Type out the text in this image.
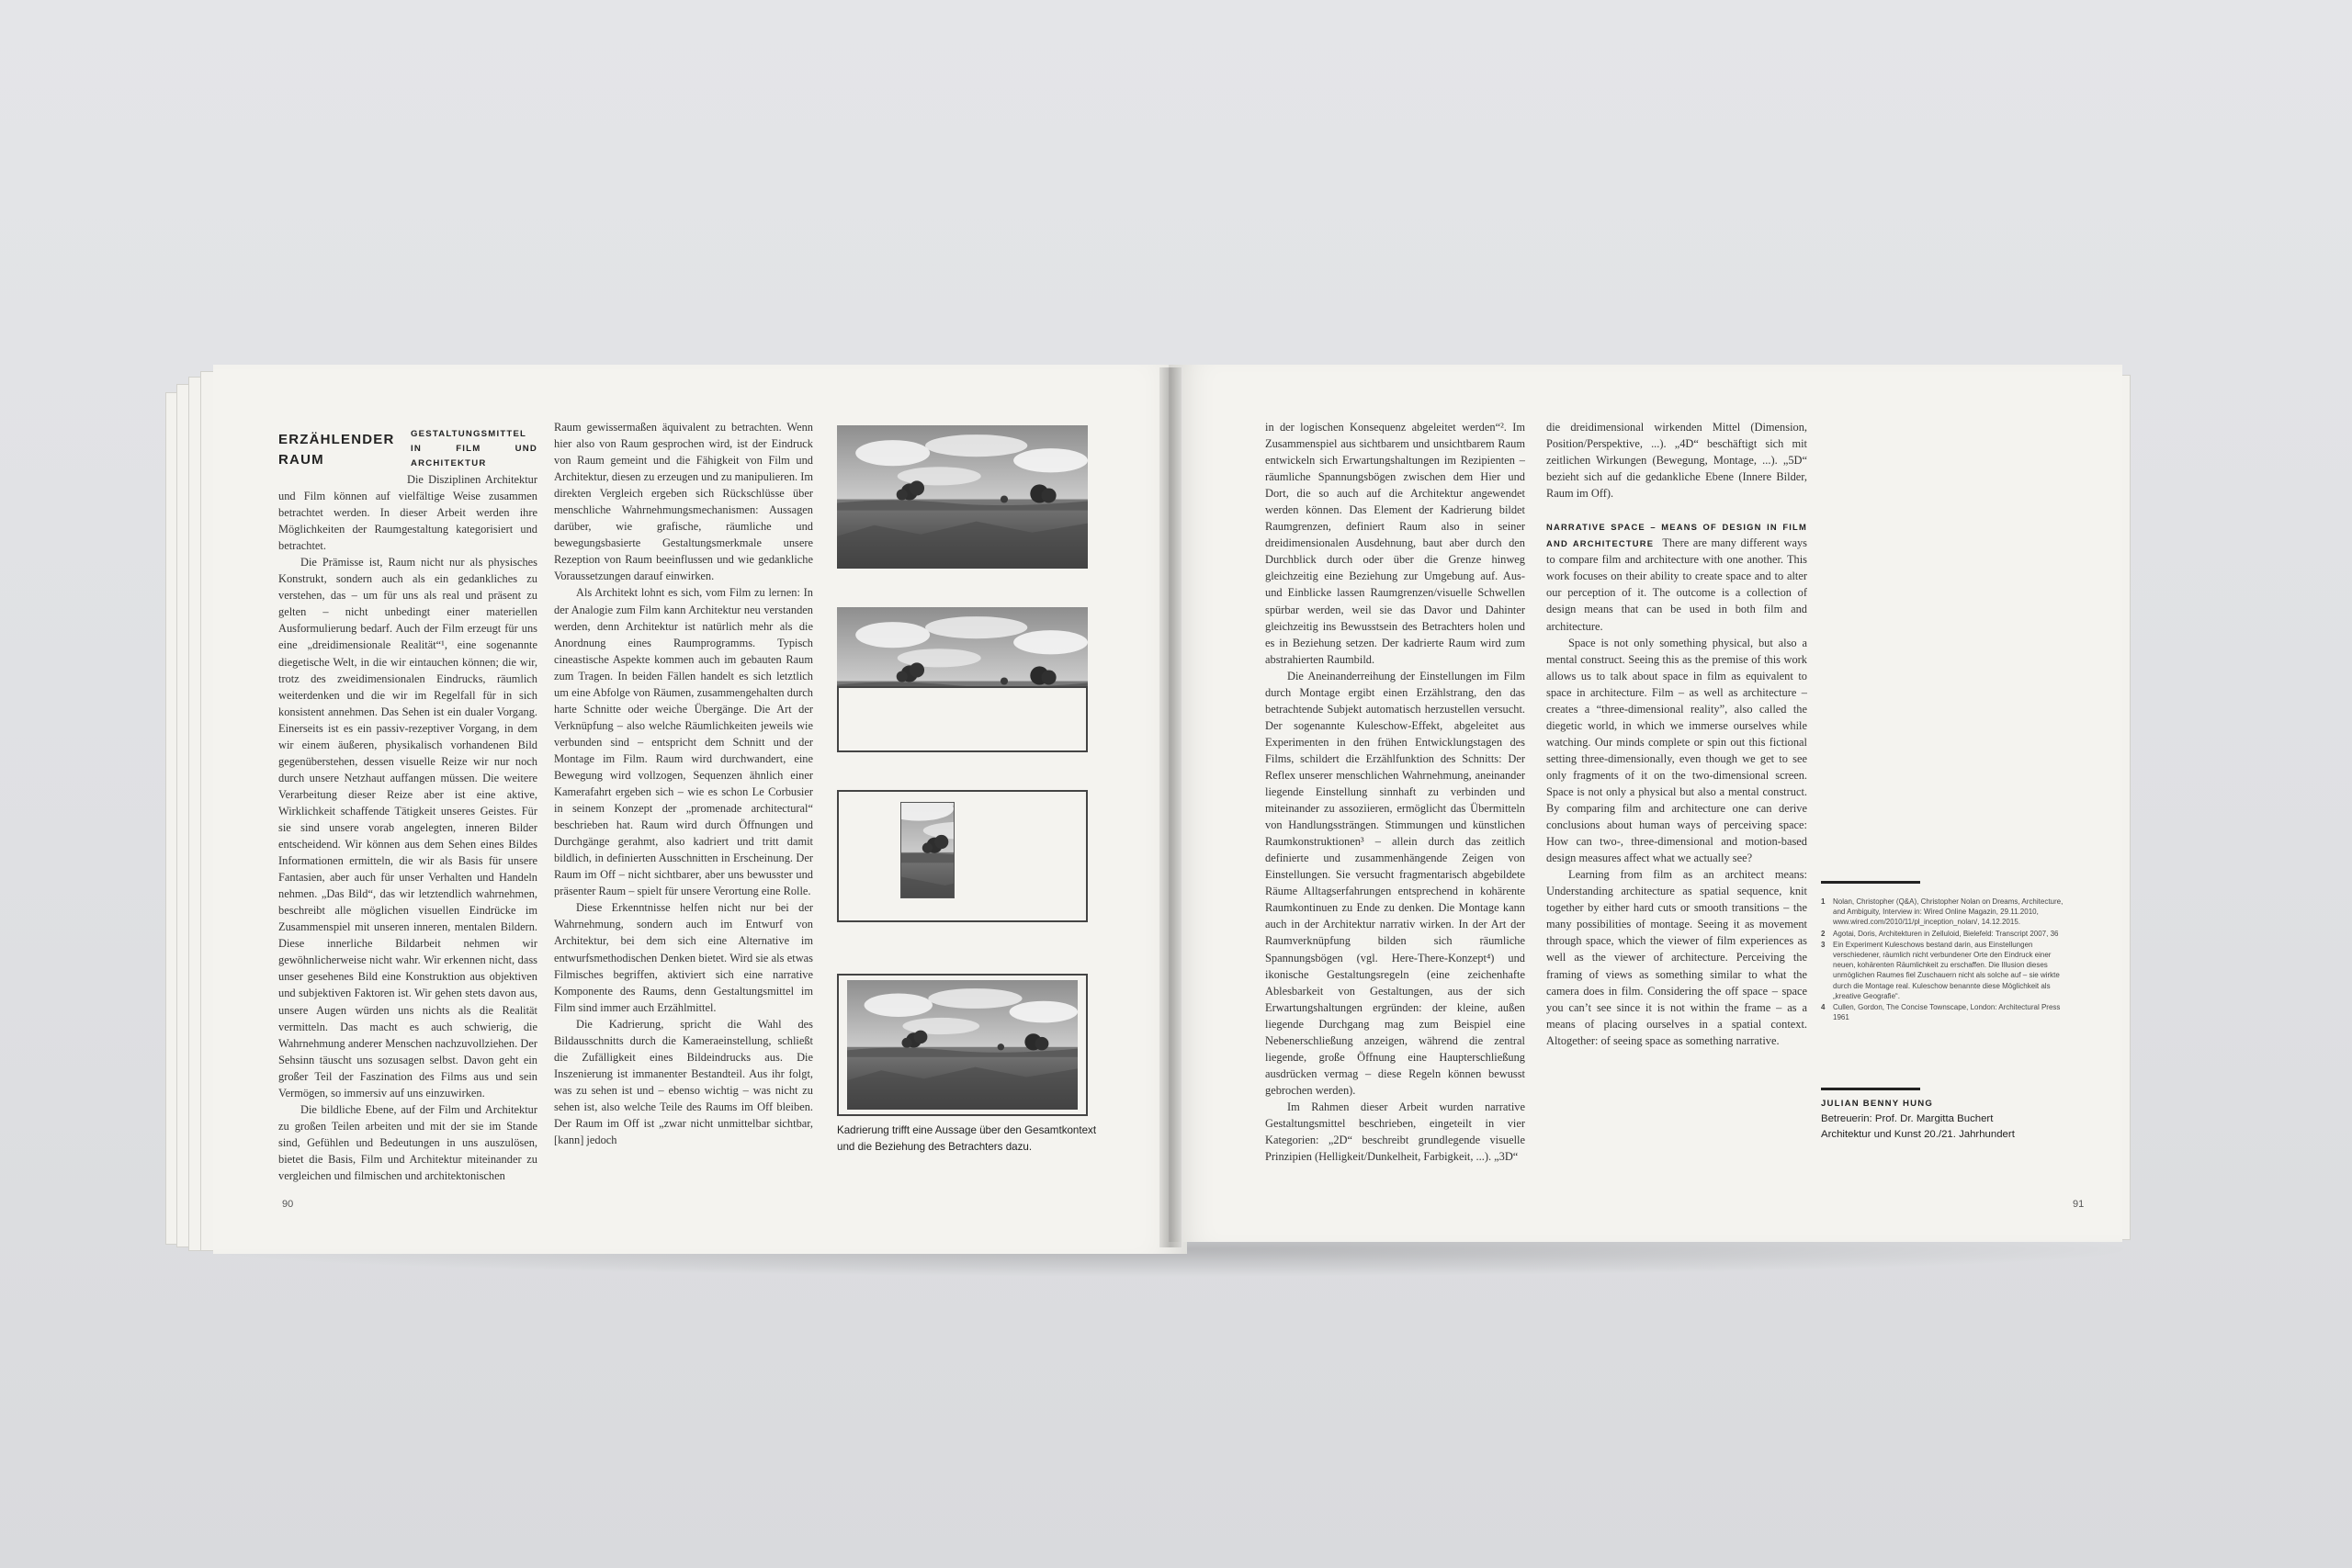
ERZÄHLENDER RAUM
GESTALTUNGSMITTEL IN FILM UND ARCHITEKTUR

Die Disziplinen Architektur und Film können auf vielfältige Weise zusammen betrachtet werden. In dieser Arbeit werden ihre Möglichkeiten der Raumgestaltung kategorisiert und betrachtet.

Die Prämisse ist, Raum nicht nur als physisches Konstrukt, sondern auch als ein gedankliches zu verstehen, das – um für uns als real und präsent zu gelten – nicht unbedingt einer materiellen Ausformulierung bedarf. Auch der Film erzeugt für uns eine „dreidimensionale Realität“¹, eine sogenannte diegetische Welt, in die wir eintauchen können; die wir, trotz des zweidimensionalen Eindrucks, räumlich weiterdenken und die wir im Regelfall für in sich konsistent annehmen. Das Sehen ist ein dualer Vorgang. Einerseits ist es ein passiv-rezeptiver Vorgang, in dem wir einem äußeren, physikalisch vorhandenen Bild gegenüberstehen, dessen visuelle Reize wir nur noch durch unsere Netzhaut auffangen müssen. Die weitere Verarbeitung dieser Reize aber ist eine aktive, Wirklichkeit schaffende Tätigkeit unseres Geistes. Für sie sind unsere vorab angelegten, inneren Bilder entscheidend. Wir können aus dem Sehen eines Bildes Informationen ermitteln, die wir als Basis für unsere Fantasien, aber auch für unser Verhalten und Handeln nehmen. „Das Bild“, das wir letztendlich wahrnehmen, beschreibt alle möglichen visuellen Eindrücke im Zusammenspiel mit unseren inneren, mentalen Bildern. Diese innerliche Bildarbeit nehmen wir gewöhnlicherweise nicht wahr. Wir erkennen nicht, dass unser gesehenes Bild eine Konstruktion aus objektiven und subjektiven Faktoren ist. Wir gehen stets davon aus, unsere Augen würden uns nichts als die Realität vermitteln. Das macht es auch schwierig, die Wahrnehmung anderer Menschen nachzuvollziehen. Der Sehsinn täuscht uns sozusagen selbst. Davon geht ein großer Teil der Faszination des Films aus und sein Vermögen, so immersiv auf uns einzuwirken.

Die bildliche Ebene, auf der Film und Architektur zu großen Teilen arbeiten und mit der sie im Stande sind, Gefühlen und Bedeutungen in uns auszulösen, bietet die Basis, Film und Architektur miteinander zu vergleichen und filmischen und architektonischen

Raum gewissermaßen äquivalent zu betrachten. Wenn hier also von Raum gesprochen wird, ist der Eindruck von Raum gemeint und die Fähigkeit von Film und Architektur, diesen zu erzeugen und zu manipulieren. Im direkten Vergleich ergeben sich Rückschlüsse über menschliche Wahrnehmungsmechanismen: Aussagen darüber, wie grafische, räumliche und bewegungsbasierte Gestaltungsmerkmale unsere Rezeption von Raum beeinflussen und wie gedankliche Voraussetzungen darauf einwirken.

Als Architekt lohnt es sich, vom Film zu lernen: In der Analogie zum Film kann Architektur neu verstanden werden, denn Architektur ist natürlich mehr als die Anordnung eines Raumprogramms. Typisch cineastische Aspekte kommen auch im gebauten Raum zum Tragen. In beiden Fällen handelt es sich letztlich um eine Abfolge von Räumen, zusammengehalten durch harte Schnitte oder weiche Übergänge. Die Art der Verknüpfung – also welche Räumlichkeiten jeweils wie verbunden sind – entspricht dem Schnitt und der Montage im Film. Raum wird durchwandert, eine Bewegung wird vollzogen, Sequenzen ähnlich einer Kamerafahrt ergeben sich – wie es schon Le Corbusier in seinem Konzept der „promenade architectural“ beschrieben hat. Raum wird durch Öffnungen und Durchgänge gerahmt, also kadriert und tritt damit bildlich, in definierten Ausschnitten in Erscheinung. Der Raum im Off – nicht sichtbarer, aber uns bewusster und präsenter Raum – spielt für unsere Verortung eine Rolle.

Diese Erkenntnisse helfen nicht nur bei der Wahrnehmung, sondern auch im Entwurf von Architektur, bei dem sich eine Alternative im entwurfsmethodischen Denken bietet. Wird sie als etwas Filmisches begriffen, aktiviert sich eine narrative Komponente des Raums, denn Gestaltungsmittel im Film sind immer auch Erzählmittel.

Die Kadrierung, spricht die Wahl des Bildausschnitts durch die Kameraeinstellung, schließt die Zufälligkeit eines Bildeindrucks aus. Die Inszenierung ist immanenter Bestandteil. Aus ihr folgt, was zu sehen ist und – ebenso wichtig – was nicht zu sehen ist, also welche Teile des Raums im Off bleiben. Der Raum im Off ist „zwar nicht unmittelbar sichtbar, [kann] jedoch

Kadrierung trifft eine Aussage über den Gesamtkontext und die Beziehung des Betrachters dazu.
90

in der logischen Konsequenz abgeleitet werden“². Im Zusammenspiel aus sichtbarem und unsichtbarem Raum entwickeln sich Erwartungshaltungen im Rezipienten – räumliche Spannungsbögen zwischen dem Hier und Dort, die so auch auf die Architektur angewendet werden können. Das Element der Kadrierung bildet Raumgrenzen, definiert Raum also in seiner dreidimensionalen Ausdehnung, baut aber durch den Durchblick durch oder über die Grenze hinweg gleichzeitig eine Beziehung zur Umgebung auf. Aus- und Einblicke lassen Raumgrenzen/visuelle Schwellen spürbar werden, weil sie das Davor und Dahinter gleichzeitig ins Bewusstsein des Betrachters holen und es in Beziehung setzen. Der kadrierte Raum wird zum abstrahierten Raumbild.

Die Aneinanderreihung der Einstellungen im Film durch Montage ergibt einen Erzählstrang, den das betrachtende Subjekt automatisch herzustellen versucht. Der sogenannte Kuleschow-Effekt, abgeleitet aus Experimenten in den frühen Entwicklungstagen des Films, schildert die Erzählfunktion des Schnitts: Der Reflex unserer menschlichen Wahrnehmung, aneinander liegende Einstellung sinnhaft zu verbinden und miteinander zu assoziieren, ermöglicht das Übermitteln von Handlungssträngen. Stimmungen und künstlichen Raumkonstruktionen³ – allein durch das zeitlich definierte und zusammenhängende Zeigen von Einstellungen. Sie versucht fragmentarisch abgebildete Räume Alltagserfahrungen entsprechend in kohärente Raumkontinuen zu Ende zu denken. Die Montage kann auch in der Architektur narrativ wirken. In der Art der Raumverknüpfung bilden sich räumliche Spannungsbögen (vgl. Here-There-Konzept⁴) und ikonische Gestaltungsregeln (eine zeichenhafte Ablesbarkeit von Gestaltungen, aus der sich Erwartungshaltungen ergründen: der kleine, außen liegende Durchgang mag zum Beispiel eine Nebenerschließung anzeigen, während die zentral liegende, große Öffnung eine Haupterschließung ausdrücken vermag – diese Regeln können bewusst gebrochen werden).

Im Rahmen dieser Arbeit wurden narrative Gestaltungsmittel beschrieben, eingeteilt in vier Kategorien: „2D“ beschreibt grundlegende visuelle Prinzipien (Helligkeit/Dunkelheit, Farbigkeit, ...). „3D“

die dreidimensional wirkenden Mittel (Dimension, Position/Perspektive, ...). „4D“ beschäftigt sich mit zeitlichen Wirkungen (Bewegung, Montage, ...). „5D“ bezieht sich auf die gedankliche Ebene (Innere Bilder, Raum im Off).

NARRATIVE SPACE – MEANS OF DESIGN IN FILM AND ARCHITECTURE There are many different ways to compare film and architecture with one another. This work focuses on their ability to create space and to alter our perception of it. The outcome is a collection of design means that can be used in both film and architecture.

Space is not only something physical, but also a mental construct. Seeing this as the premise of this work allows us to talk about space in film as equivalent to space in architecture. Film – as well as architecture – creates a “three-dimensional reality”, also called the diegetic world, in which we immerse ourselves while watching. Our minds complete or spin out this fictional setting three-dimensionally, even though we get to see only fragments of it on the two-dimensional screen. Space is not only a physical but also a mental construct. By comparing film and architecture one can derive conclusions about human ways of perceiving space: How can two-, three-dimensional and motion-based design measures affect what we actually see?

Learning from film as an architect means: Understanding architecture as spatial sequence, knit together by either hard cuts or smooth transitions – the many possibilities of montage. Seeing it as movement through space, which the viewer of film experiences as well as the viewer of architecture. Perceiving the framing of views as something similar to what the camera does in film. Considering the off space – space you can’t see since it is not within the frame – as a means of placing ourselves in a spatial context. Altogether: of seeing space as something narrative.

1	Nolan, Christopher (Q&A), Christopher Nolan on Dreams, Architecture, and Ambiguity, Interview in: Wired Online Magazin, 29.11.2010, www.wired.com/2010/11/pl_inception_nolan/, 14.12.2015.
2	Agotai, Doris, Architekturen in Zelluloid, Bielefeld: Transcript 2007, 36
3	Ein Experiment Kuleschows bestand darin, aus Einstellungen verschiedener, räumlich nicht verbundener Orte den Eindruck einer neuen, kohärenten Räumlichkeit zu erschaffen. Die Illusion dieses unmöglichen Raumes fiel Zuschauern nicht als solche auf – sie wirkte durch die Montage real. Kuleschow benannte diese Möglichkeit als „kreative Geografie“.
4	Cullen, Gordon, The Concise Townscape, London: Architectural Press 1961
JULIAN BENNY HUNG
Betreuerin: Prof. Dr. Margitta Buchert
Architektur und Kunst 20./21. Jahrhundert
91
